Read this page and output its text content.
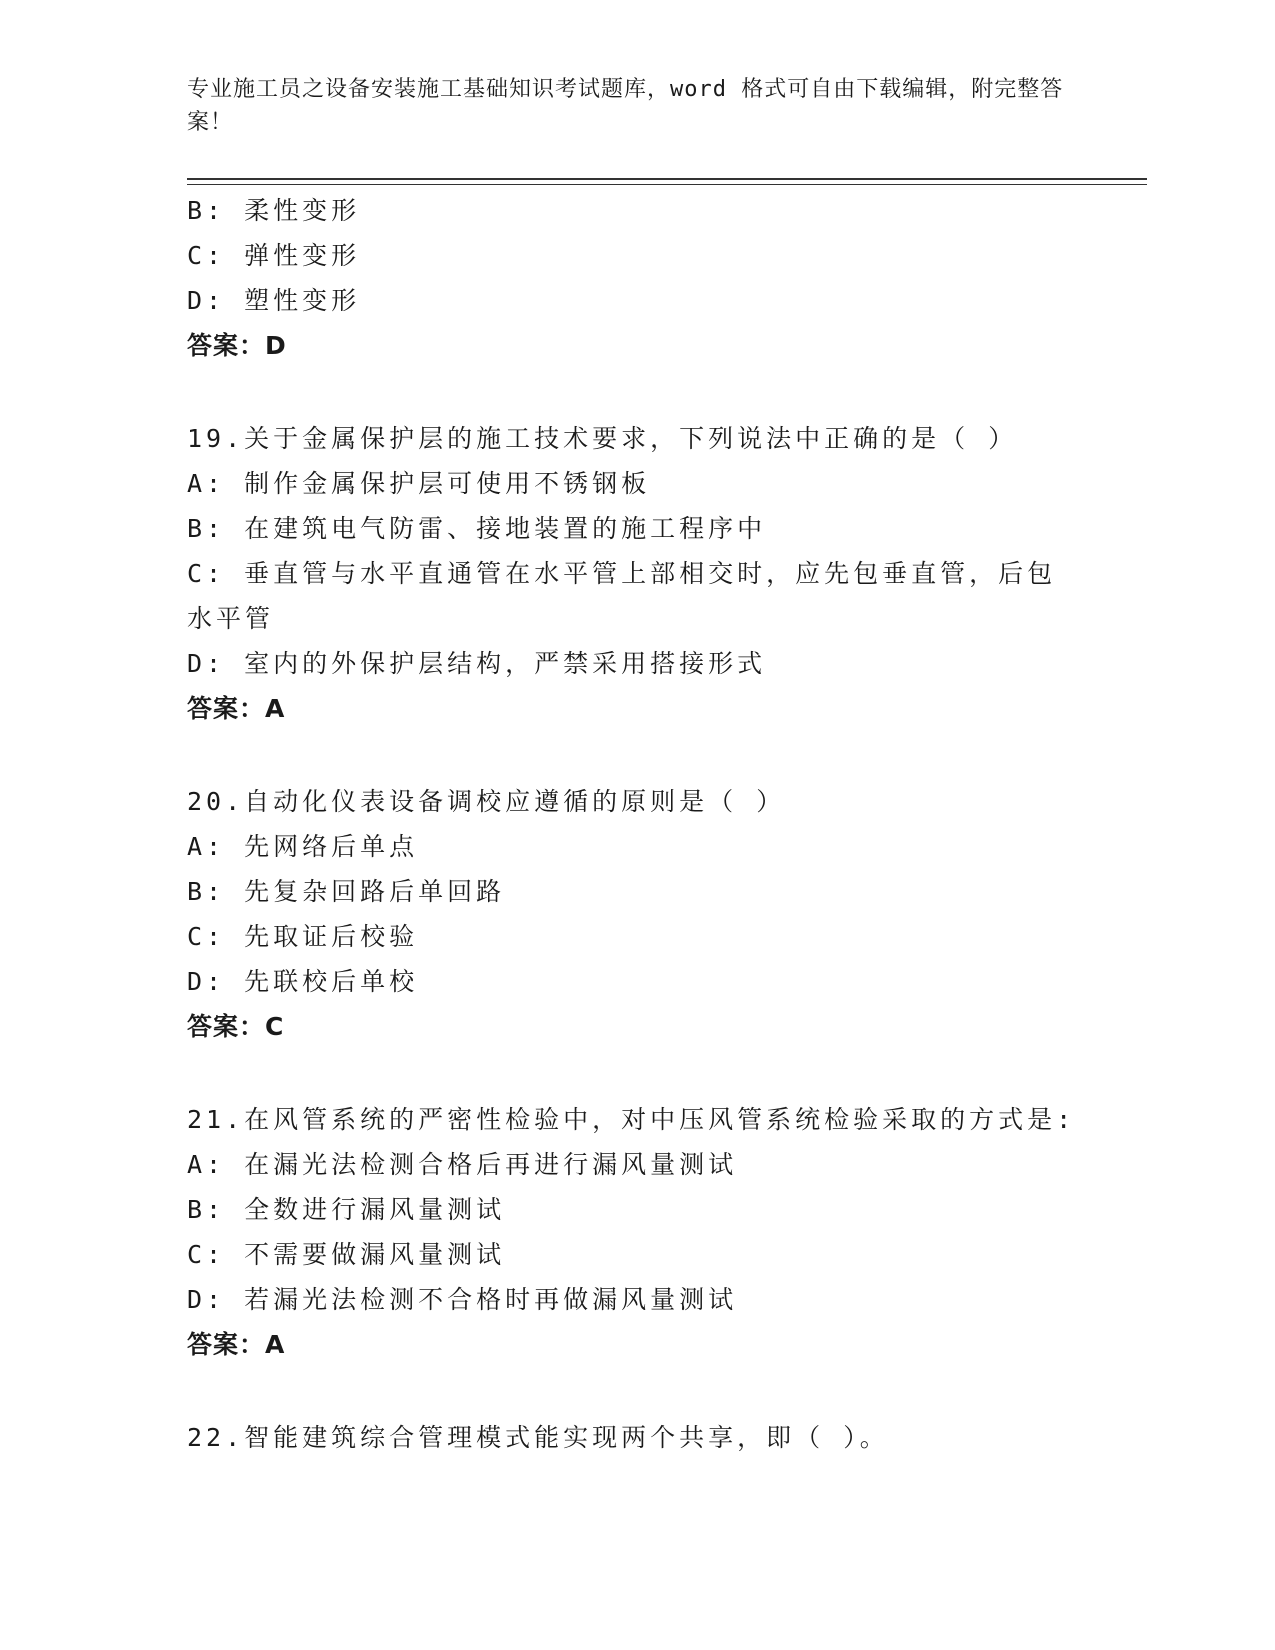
专业施工员之设备安装施工基础知识考试题库，word 格式可自由下载编辑，附完整答案！
B: 柔性变形
C: 弹性变形
D: 塑性变形
答案：D
19.关于金属保护层的施工技术要求，下列说法中正确的是（ ）
A: 制作金属保护层可使用不锈钢板
B: 在建筑电气防雷、接地装置的施工程序中
C: 垂直管与水平直通管在水平管上部相交时，应先包垂直管，后包水平管
D: 室内的外保护层结构，严禁采用搭接形式
答案：A
20.自动化仪表设备调校应遵循的原则是（ ）
A: 先网络后单点
B: 先复杂回路后单回路
C: 先取证后校验
D: 先联校后单校
答案：C
21.在风管系统的严密性检验中，对中压风管系统检验采取的方式是:
A: 在漏光法检测合格后再进行漏风量测试
B: 全数进行漏风量测试
C: 不需要做漏风量测试
D: 若漏光法检测不合格时再做漏风量测试
答案：A
22.智能建筑综合管理模式能实现两个共享，即（ ）。
